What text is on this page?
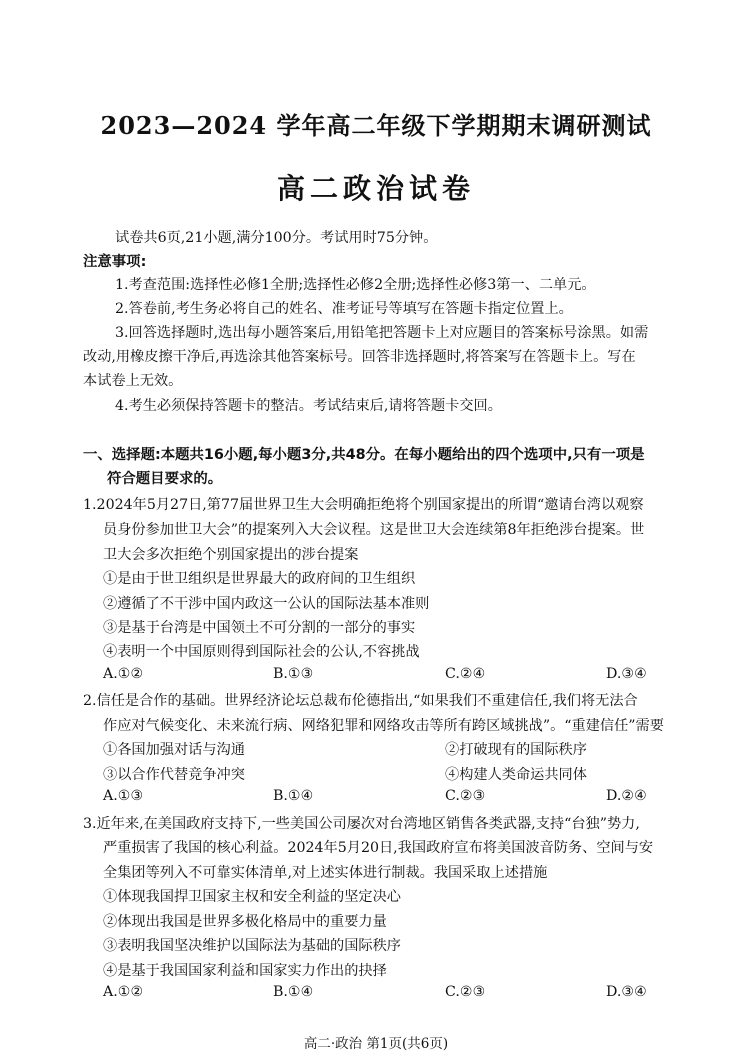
2023—2024 学年高二年级下学期期末调研测试
高二政治试卷
试卷共6页,21小题,满分100分。考试用时75分钟。
注意事项:
1.考查范围:选择性必修1全册;选择性必修2全册;选择性必修3第一、二单元。
2.答卷前,考生务必将自己的姓名、准考证号等填写在答题卡指定位置上。
3.回答选择题时,选出每小题答案后,用铅笔把答题卡上对应题目的答案标号涂黑。如需
改动,用橡皮擦干净后,再选涂其他答案标号。回答非选择题时,将答案写在答题卡上。写在
本试卷上无效。
4.考生必须保持答题卡的整洁。考试结束后,请将答题卡交回。
一、选择题:本题共16小题,每小题3分,共48分。在每小题给出的四个选项中,只有一项是
符合题目要求的。
1.2024年5月27日,第77届世界卫生大会明确拒绝将个别国家提出的所谓“邀请台湾以观察
员身份参加世卫大会”的提案列入大会议程。这是世卫大会连续第8年拒绝涉台提案。世
卫大会多次拒绝个别国家提出的涉台提案
①是由于世卫组织是世界最大的政府间的卫生组织
②遵循了不干涉中国内政这一公认的国际法基本准则
③是基于台湾是中国领土不可分割的一部分的事实
④表明一个中国原则得到国际社会的公认,不容挑战
A.①②	B.①③	C.②④	D.③④
2.信任是合作的基础。世界经济论坛总裁布伦德指出,“如果我们不重建信任,我们将无法合
作应对气候变化、未来流行病、网络犯罪和网络攻击等所有跨区域挑战”。“重建信任”需要
①各国加强对话与沟通	②打破现有的国际秩序
③以合作代替竞争冲突	④构建人类命运共同体
A.①③	B.①④	C.②③	D.②④
3.近年来,在美国政府支持下,一些美国公司屡次对台湾地区销售各类武器,支持“台独”势力,
严重损害了我国的核心利益。2024年5月20日,我国政府宣布将美国波音防务、空间与安
全集团等列入不可靠实体清单,对上述实体进行制裁。我国采取上述措施
①体现我国捍卫国家主权和安全利益的坚定决心
②体现出我国是世界多极化格局中的重要力量
③表明我国坚决维护以国际法为基础的国际秩序
④是基于我国国家利益和国家实力作出的抉择
A.①②	B.①④	C.②③	D.③④
高二·政治 第1页(共6页)
